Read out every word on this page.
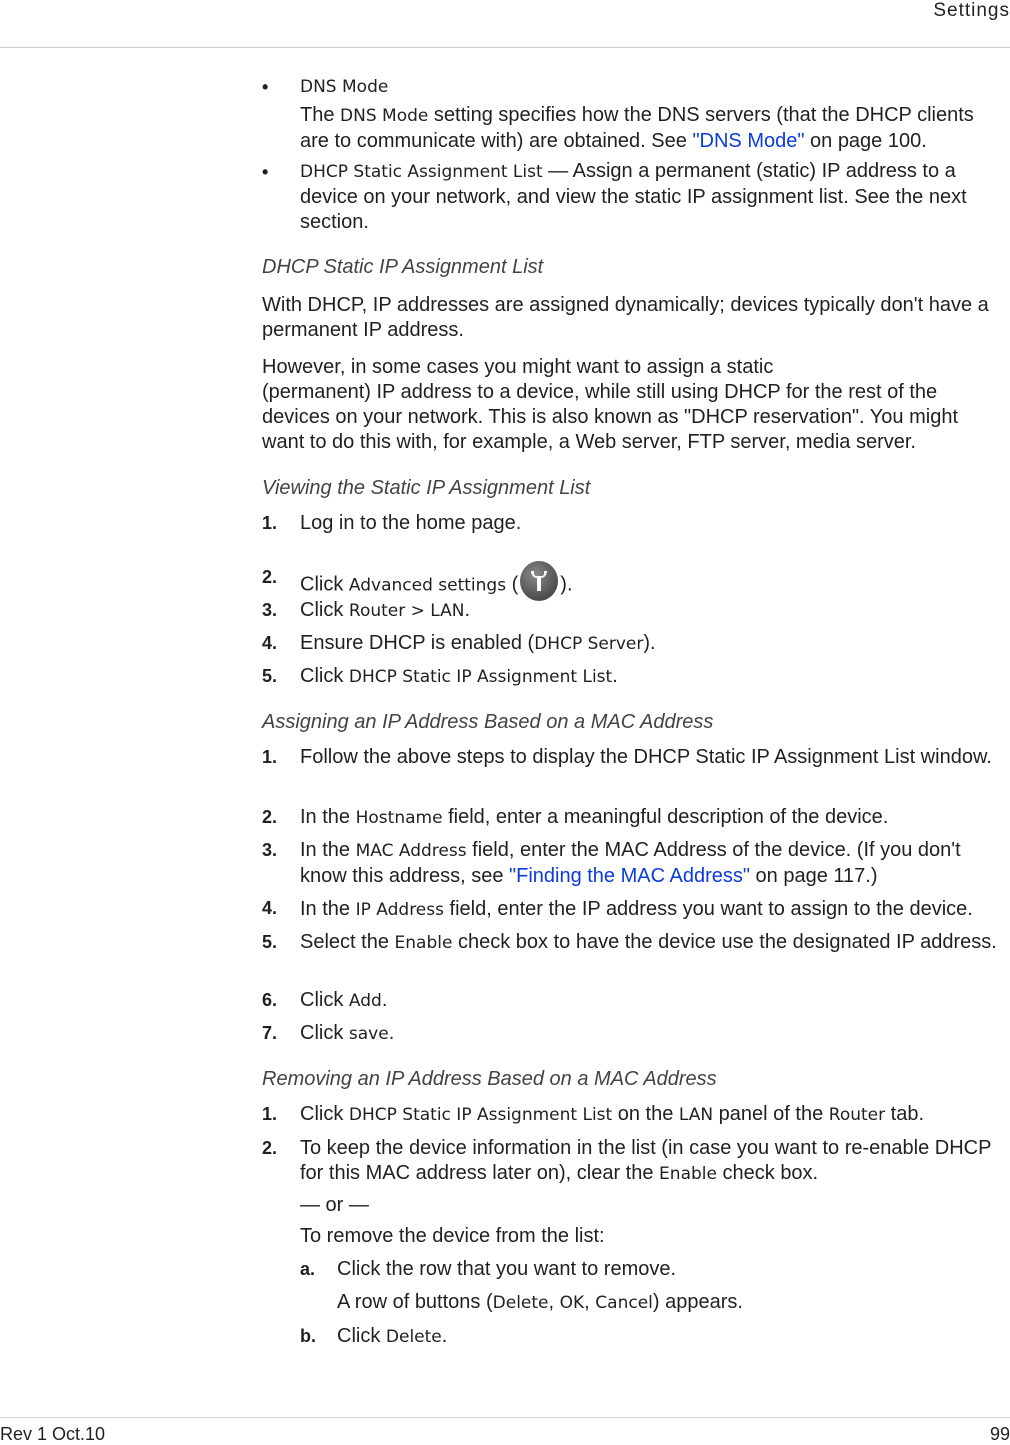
Settings
• DNS Mode
The DNS Mode setting specifies how the DNS servers (that the DHCP clients are to communicate with) are obtained. See "DNS Mode" on page 100.
• DHCP Static Assignment List — Assign a permanent (static) IP address to a device on your network, and view the static IP assignment list. See the next section.
DHCP Static IP Assignment List
With DHCP, IP addresses are assigned dynamically; devices typically don't have a permanent IP address.

However, in some cases you might want to assign a static

(permanent) IP address to a device, while still using DHCP for the rest of the devices on your network. This is also known as "DHCP reservation". You might want to do this with, for example, a Web server, FTP server, media server.

Viewing the Static IP Assignment List
1. Log in to the home page.
2. Click Advanced settings ( ).
3. Click Router > LAN.
4. Ensure DHCP is enabled (DHCP Server).
5. Click DHCP Static IP Assignment List.
Assigning an IP Address Based on a MAC Address
1. Follow the above steps to display the DHCP Static IP Assignment List window.
2. In the Hostname field, enter a meaningful description of the device.
3. In the MAC Address field, enter the MAC Address of the device. (If you don't know this address, see "Finding the MAC Address" on page 117.)
4. In the IP Address field, enter the IP address you want to assign to the device.
5. Select the Enable check box to have the device use the designated IP address.
6. Click Add.
7. Click save.
Removing an IP Address Based on a MAC Address
1. Click DHCP Static IP Assignment List on the LAN panel of the Router tab.
2. To keep the device information in the list (in case you want to re-enable DHCP for this MAC address later on), clear the Enable check box.
— or —
To remove the device from the list:
a. Click the row that you want to remove.
A row of buttons (Delete, OK, Cancel) appears.
b. Click Delete.
Rev 1 Oct.10	99
